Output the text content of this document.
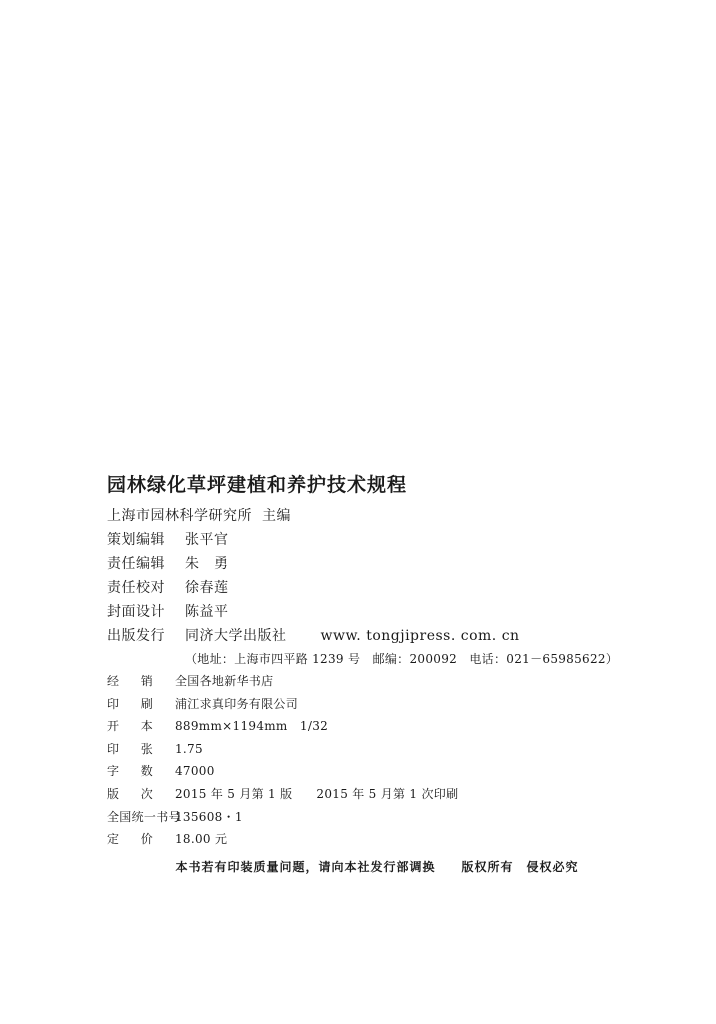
园林绿化草坪建植和养护技术规程
上海市园林科学研究所 主编
策划编辑 张平官
责任编辑 朱　勇
责任校对 徐春莲
封面设计 陈益平
出版发行 同济大学出版社 www. tongjipress. com. cn
（地址：上海市四平路 1239 号　邮编：200092　电话：021－65985622）
经 销 全国各地新华书店
印 刷 浦江求真印务有限公司
开 本 889mm×1194mm　1/32
印 张 1.75
字 数 47000
版 次 2015 年 5 月第 1 版 2015 年 5 月第 1 次印刷
全国统一书号135608・1
定 价 18.00 元
本书若有印装质量问题，请向本社发行部调换 版权所有　侵权必究
